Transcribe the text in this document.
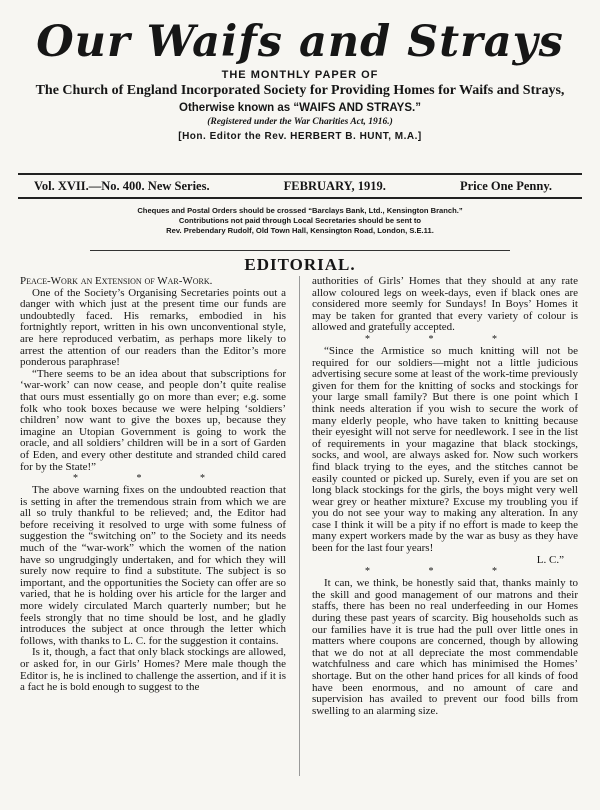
Our Waifs and Strays
THE MONTHLY PAPER OF
The Church of England Incorporated Society for Providing Homes for Waifs and Strays,
Otherwise known as “WAIFS AND STRAYS.”
(Registered under the War Charities Act, 1916.)
[Hon. Editor the Rev. HERBERT B. HUNT, M.A.]
Vol. XVII.—No. 400. New Series.	FEBRUARY, 1919.	Price One Penny.
Cheques and Postal Orders should be crossed “Barclays Bank, Ltd., Kensington Branch.”
Contributions not paid through Local Secretaries should be sent to
Rev. Prebendary Rudolf, Old Town Hall, Kensington Road, London, S.E.11.
EDITORIAL.

Peace-Work an Extension of War-Work.

One of the Society’s Organising Secretaries points out a danger with which just at the present time our funds are undoubtedly faced. His remarks, embodied in his fortnightly report, written in his own unconventional style, are here reproduced verbatim, as perhaps more likely to arrest the attention of our readers than the Editor’s more ponderous paraphrase!

“There seems to be an idea about that subscriptions for ‘war-work’ can now cease, and people don’t quite realise that ours must essentially go on more than ever; e.g. some folk who took boxes because we were helping ‘soldiers’ children’ now want to give the boxes up, because they imagine an Utopian Government is going to work the oracle, and all soldiers’ children will be in a sort of Garden of Eden, and every other destitute and stranded child cared for by the State!”

* * *

The above warning fixes on the undoubted reaction that is setting in after the tremendous strain from which we are all so truly thankful to be relieved; and, the Editor had before receiving it resolved to urge with some fulness of suggestion the “switching on” to the Society and its needs much of the “war-work” which the women of the nation have so ungrudgingly undertaken, and for which they will surely now require to find a substitute. The subject is so important, and the opportunities the Society can offer are so varied, that he is holding over his article for the larger and more widely circulated March quarterly number; but he feels strongly that no time should be lost, and he gladly introduces the subject at once through the letter which follows, with thanks to L. C. for the suggestion it contains.

Is it, though, a fact that only black stockings are allowed, or asked for, in our Girls’ Homes? Mere male though the Editor is, he is inclined to challenge the assertion, and if it is a fact he is bold enough to suggest to the

authorities of Girls’ Homes that they should at any rate allow coloured legs on week-days, even if black ones are considered more seemly for Sundays! In Boys’ Homes it may be taken for granted that every variety of colour is allowed and gratefully accepted.

* * *

“Since the Armistice so much knitting will not be required for our soldiers—might not a little judicious advertising secure some at least of the work-time previously given for them for the knitting of socks and stockings for your large small family? But there is one point which I think needs alteration if you wish to secure the work of many elderly people, who have taken to knitting because their eyesight will not serve for needlework. I see in the list of requirements in your magazine that black stockings, socks, and wool, are always asked for. Now such workers find black trying to the eyes, and the stitches cannot be easily counted or picked up. Surely, even if you are set on long black stockings for the girls, the boys might very well wear grey or heather mixture? Excuse my troubling you if you do not see your way to making any alteration. In any case I think it will be a pity if no effort is made to keep the many expert workers made by the war as busy as they have been for the last four years!

L. C.”
* * *

It can, we think, be honestly said that, thanks mainly to the skill and good management of our matrons and their staffs, there has been no real underfeeding in our Homes during these past years of scarcity. Big households such as our families have it is true had the pull over little ones in matters where coupons are concerned, though by allowing that we do not at all depreciate the most commendable watchfulness and care which has minimised the Homes’ shortage. But on the other hand prices for all kinds of food have been enormous, and no amount of care and supervision has availed to prevent our food bills from swelling to an alarming size.
